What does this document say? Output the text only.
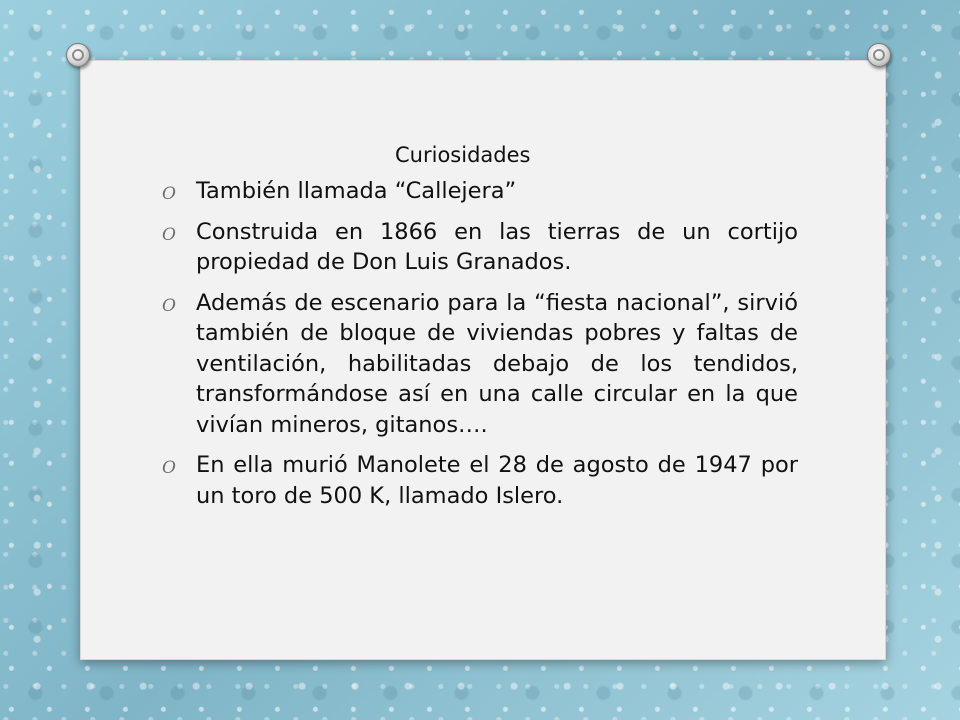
Curiosidades
O También llamada “Callejera”
O Construida en 1866 en las tierras de un cortijo propiedad de Don Luis Granados.
O Además de escenario para la “fiesta nacional”, sirvió también de bloque de viviendas pobres y faltas de ventilación, habilitadas debajo de los tendidos, transformándose así en una calle circular en la que vivían mineros, gitanos….
O En ella murió Manolete el 28 de agosto de 1947 por un toro de 500 K, llamado Islero.
